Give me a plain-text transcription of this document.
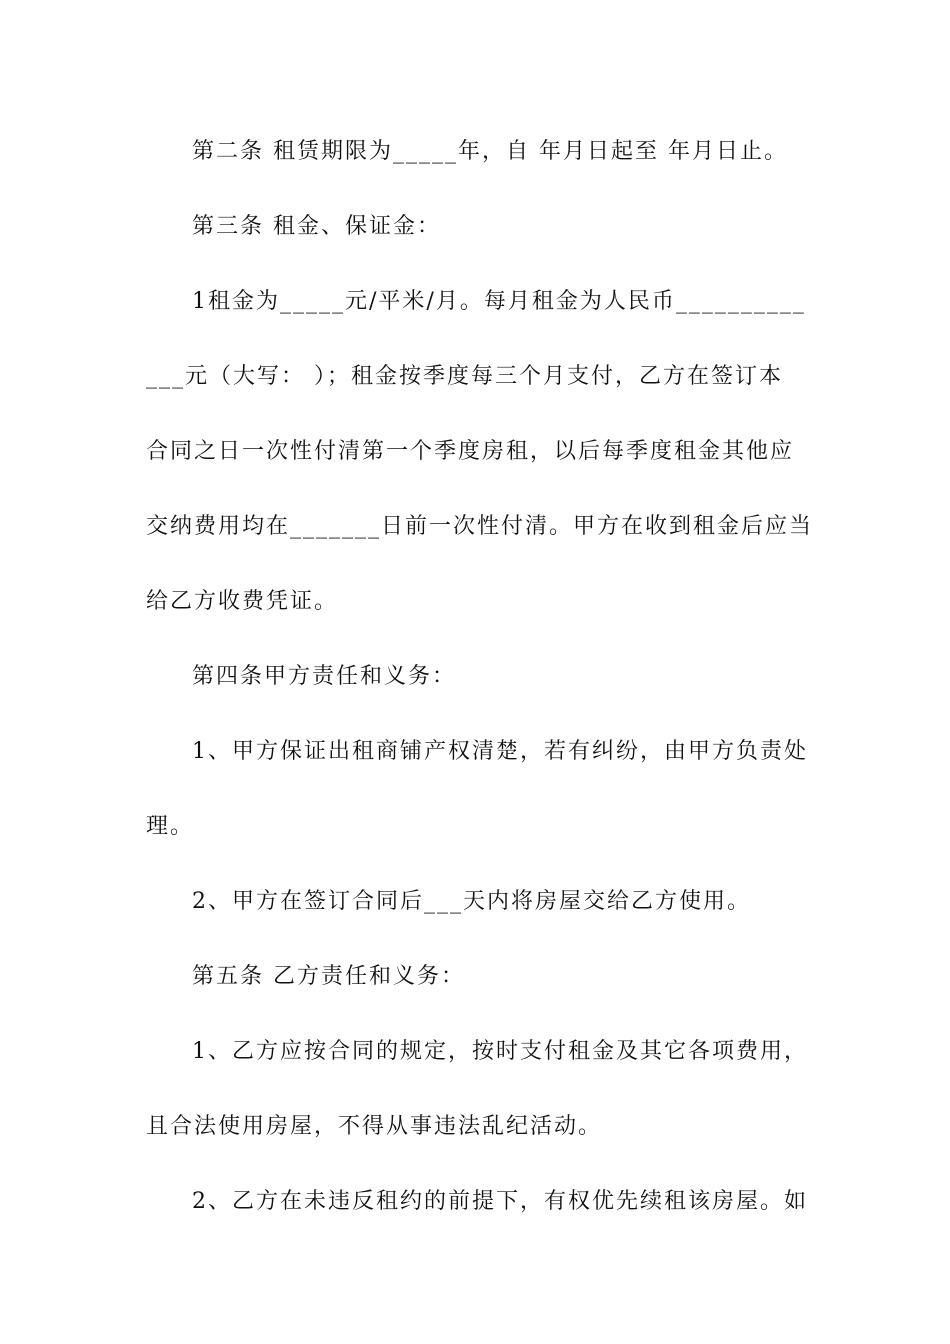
第二条 租赁期限为_____年，自 年月日起至 年月日止。
第三条 租金、保证金：
1租金为_____元/平米/月。每月租金为人民币__________
___元（大写： ）；租金按季度每三个月支付，乙方在签订本
合同之日一次性付清第一个季度房租，以后每季度租金其他应
交纳费用均在_______日前一次性付清。甲方在收到租金后应当
给乙方收费凭证。
第四条甲方责任和义务：
1、甲方保证出租商铺产权清楚，若有纠纷，由甲方负责处
理。
2、甲方在签订合同后___天内将房屋交给乙方使用。
第五条 乙方责任和义务：
1、乙方应按合同的规定，按时支付租金及其它各项费用，
且合法使用房屋，不得从事违法乱纪活动。
2、乙方在未违反租约的前提下，有权优先续租该房屋。如
